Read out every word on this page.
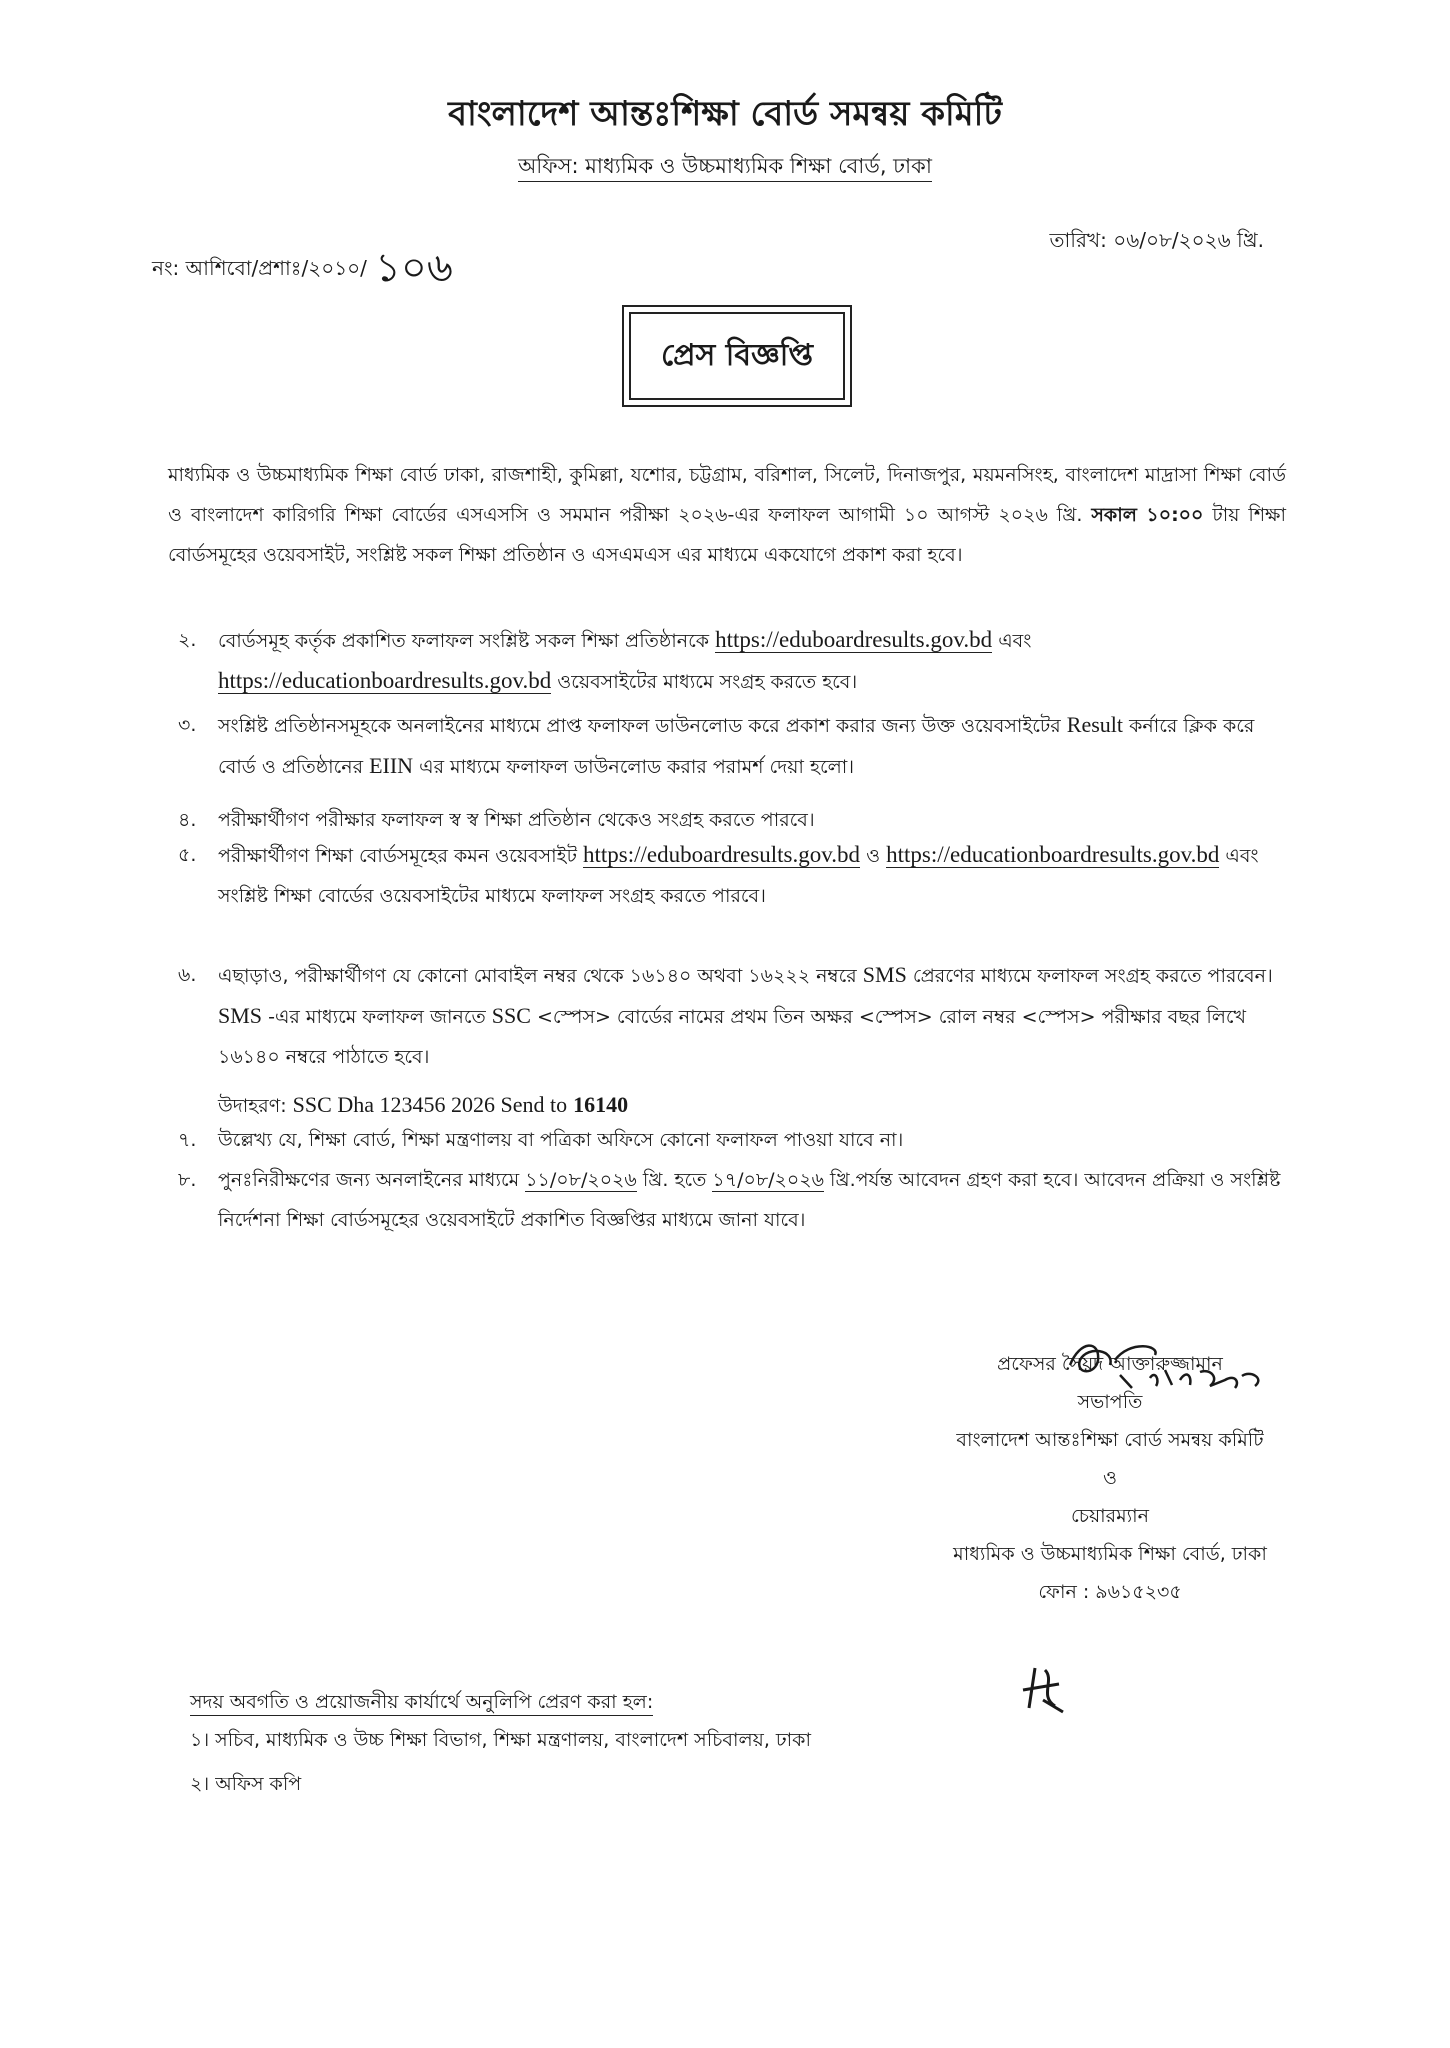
বাংলাদেশ আন্তঃশিক্ষা বোর্ড সমন্বয় কমিটি
অফিস: মাধ্যমিক ও উচ্চমাধ্যমিক শিক্ষা বোর্ড, ঢাকা
নং: আশিবো/প্রশাঃ/২০১০/ ১০৬
তারিখ: ০৬/০৮/২০২৬ খ্রি.
প্রেস বিজ্ঞপ্তি
মাধ্যমিক ও উচ্চমাধ্যমিক শিক্ষা বোর্ড ঢাকা, রাজশাহী, কুমিল্লা, যশোর, চট্টগ্রাম, বরিশাল, সিলেট, দিনাজপুর, ময়মনসিংহ, বাংলাদেশ মাদ্রাসা শিক্ষা বোর্ড ও বাংলাদেশ কারিগরি শিক্ষা বোর্ডের এসএসসি ও সমমান পরীক্ষা ২০২৬-এর ফলাফল আগামী ১০ আগস্ট ২০২৬ খ্রি. সকাল ১০:০০ টায় শিক্ষা বোর্ডসমূহের ওয়েবসাইট, সংশ্লিষ্ট সকল শিক্ষা প্রতিষ্ঠান ও এসএমএস এর মাধ্যমে একযোগে প্রকাশ করা হবে।
২.	বোর্ডসমূহ কর্তৃক প্রকাশিত ফলাফল সংশ্লিষ্ট সকল শিক্ষা প্রতিষ্ঠানকে https://eduboardresults.gov.bd এবং https://educationboardresults.gov.bd ওয়েবসাইটের মাধ্যমে সংগ্রহ করতে হবে।
৩.	সংশ্লিষ্ট প্রতিষ্ঠানসমূহকে অনলাইনের মাধ্যমে প্রাপ্ত ফলাফল ডাউনলোড করে প্রকাশ করার জন্য উক্ত ওয়েবসাইটের Result কর্নারে ক্লিক করে বোর্ড ও প্রতিষ্ঠানের EIIN এর মাধ্যমে ফলাফল ডাউনলোড করার পরামর্শ দেয়া হলো।
৪.	পরীক্ষার্থীগণ পরীক্ষার ফলাফল স্ব স্ব শিক্ষা প্রতিষ্ঠান থেকেও সংগ্রহ করতে পারবে।
৫.	পরীক্ষার্থীগণ শিক্ষা বোর্ডসমূহের কমন ওয়েবসাইট https://eduboardresults.gov.bd ও https://educationboardresults.gov.bd এবং সংশ্লিষ্ট শিক্ষা বোর্ডের ওয়েবসাইটের মাধ্যমে ফলাফল সংগ্রহ করতে পারবে।
৬.	এছাড়াও, পরীক্ষার্থীগণ যে কোনো মোবাইল নম্বর থেকে ১৬১৪০ অথবা ১৬২২২ নম্বরে SMS প্রেরণের মাধ্যমে ফলাফল সংগ্রহ করতে পারবেন। SMS -এর মাধ্যমে ফলাফল জানতে SSC <স্পেস> বোর্ডের নামের প্রথম তিন অক্ষর <স্পেস> রোল নম্বর <স্পেস> পরীক্ষার বছর লিখে ১৬১৪০ নম্বরে পাঠাতে হবে।
উদাহরণ: SSC Dha 123456 2026 Send to 16140
৭.	উল্লেখ্য যে, শিক্ষা বোর্ড, শিক্ষা মন্ত্রণালয় বা পত্রিকা অফিসে কোনো ফলাফল পাওয়া যাবে না।
৮.	পুনঃনিরীক্ষণের জন্য অনলাইনের মাধ্যমে ১১/০৮/২০২৬ খ্রি. হতে ১৭/০৮/২০২৬ খ্রি.পর্যন্ত আবেদন গ্রহণ করা হবে। আবেদন প্রক্রিয়া ও সংশ্লিষ্ট নির্দেশনা শিক্ষা বোর্ডসমূহের ওয়েবসাইটে প্রকাশিত বিজ্ঞপ্তির মাধ্যমে জানা যাবে।
প্রফেসর সৈয়দ আক্তারুজ্জামান
সভাপতি
বাংলাদেশ আন্তঃশিক্ষা বোর্ড সমন্বয় কমিটি
ও
চেয়ারম্যান
মাধ্যমিক ও উচ্চমাধ্যমিক শিক্ষা বোর্ড, ঢাকা
ফোন : ৯৬১৫২৩৫
সদয় অবগতি ও প্রয়োজনীয় কার্যার্থে অনুলিপি প্রেরণ করা হল:
১। সচিব, মাধ্যমিক ও উচ্চ শিক্ষা বিভাগ, শিক্ষা মন্ত্রণালয়, বাংলাদেশ সচিবালয়, ঢাকা
২। অফিস কপি
